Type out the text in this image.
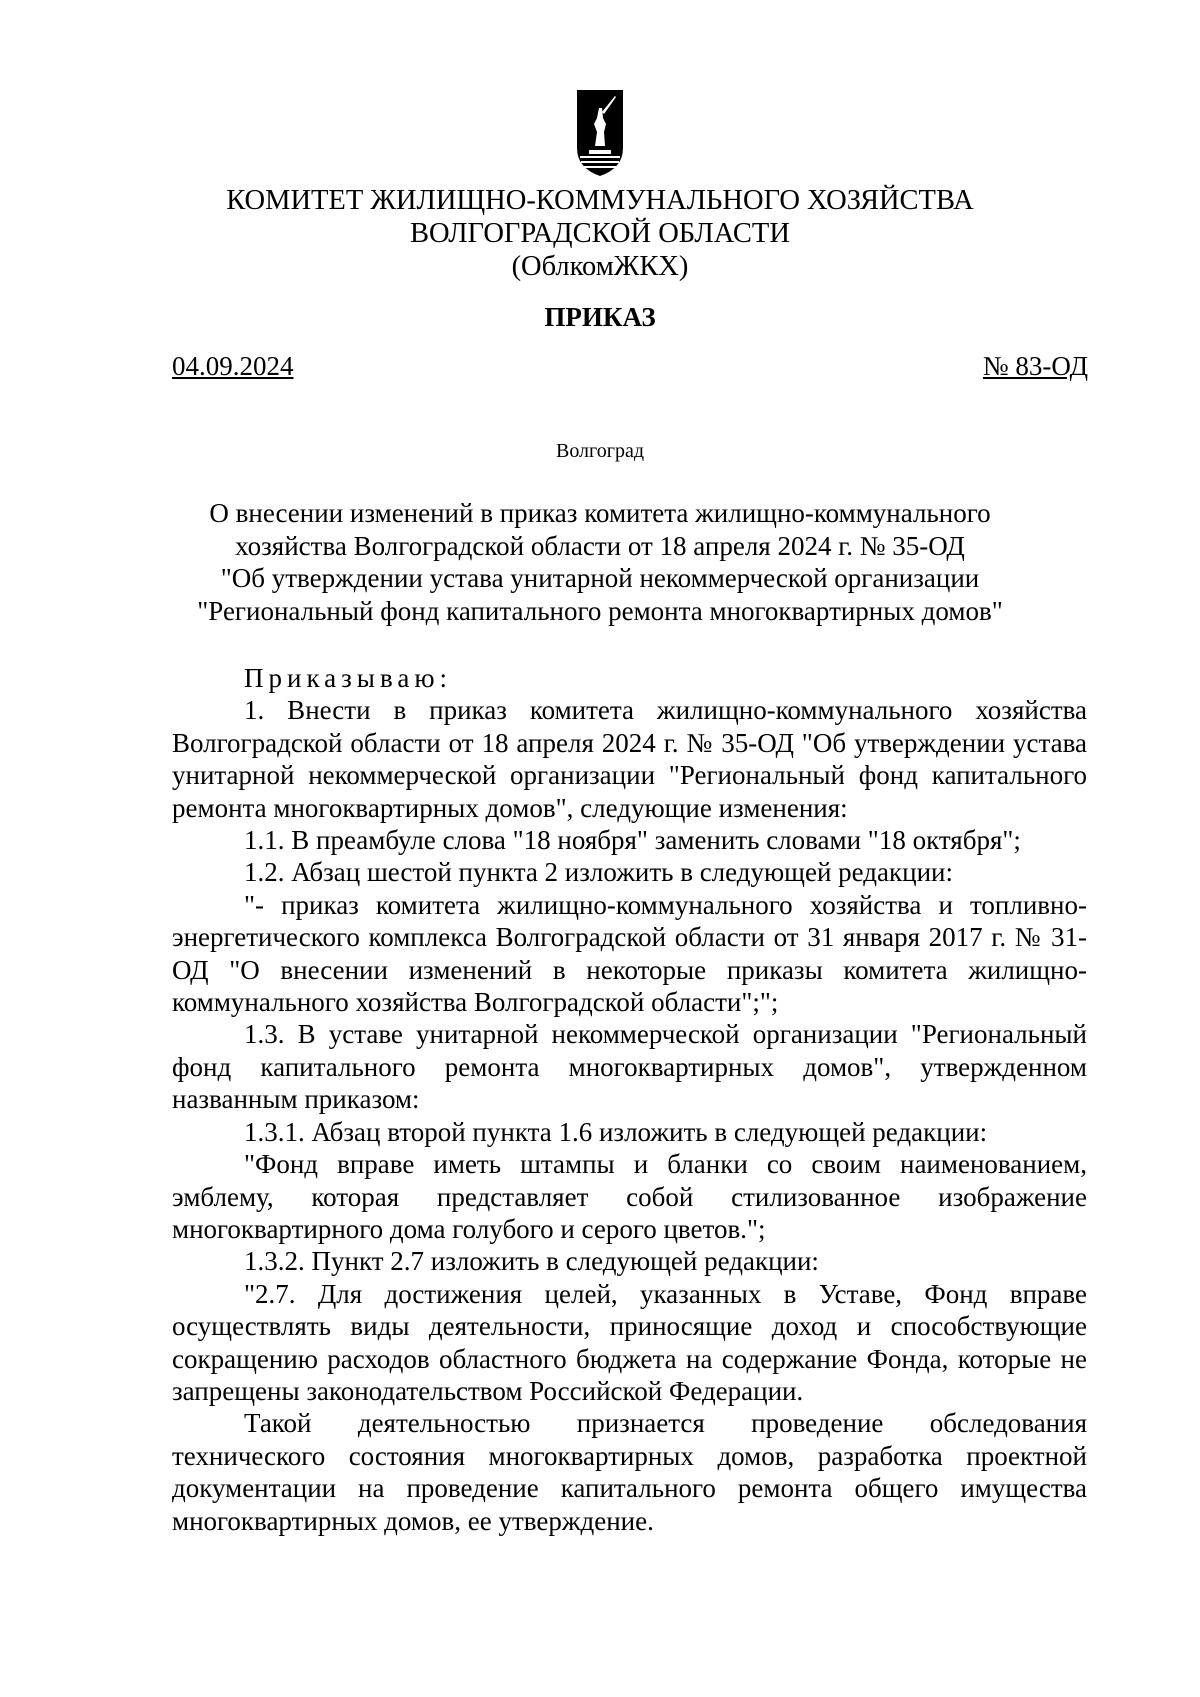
КОМИТЕТ ЖИЛИЩНО-КОММУНАЛЬНОГО ХОЗЯЙСТВА
ВОЛГОГРАДСКОЙ ОБЛАСТИ
(ОблкомЖКХ)
ПРИКАЗ
04.09.2024	№ 83-ОД
Волгоград
О внесении изменений в приказ комитета жилищно-коммунального
хозяйства Волгоградской области от 18 апреля 2024 г. № 35-ОД
"Об утверждении устава унитарной некоммерческой организации
"Региональный фонд капитального ремонта многоквартирных домов"

Приказываю:

1. Внести в приказ комитета жилищно-коммунального хозяйства Волгоградской области от 18 апреля 2024 г. № 35-ОД "Об утверждении устава унитарной некоммерческой организации "Региональный фонд капитального ремонта многоквартирных домов", следующие изменения:

1.1. В преамбуле слова "18 ноября" заменить словами "18 октября";

1.2. Абзац шестой пункта 2 изложить в следующей редакции:

"- приказ комитета жилищно-коммунального хозяйства и топливно-энергетического комплекса Волгоградской области от 31 января 2017 г. № 31-ОД "О внесении изменений в некоторые приказы комитета жилищно-коммунального хозяйства Волгоградской области";";

1.3. В уставе унитарной некоммерческой организации "Региональный фонд капитального ремонта многоквартирных домов", утвержденном названным приказом:

1.3.1. Абзац второй пункта 1.6 изложить в следующей редакции:

"Фонд вправе иметь штампы и бланки со своим наименованием, эмблему, которая представляет собой стилизованное изображение многоквартирного дома голубого и серого цветов.";

1.3.2. Пункт 2.7 изложить в следующей редакции:

"2.7. Для достижения целей, указанных в Уставе, Фонд вправе осуществлять виды деятельности, приносящие доход и способствующие сокращению расходов областного бюджета на содержание Фонда, которые не запрещены законодательством Российской Федерации.

Такой деятельностью признается проведение обследования технического состояния многоквартирных домов, разработка проектной документации на проведение капитального ремонта общего имущества многоквартирных домов, ее утверждение.
